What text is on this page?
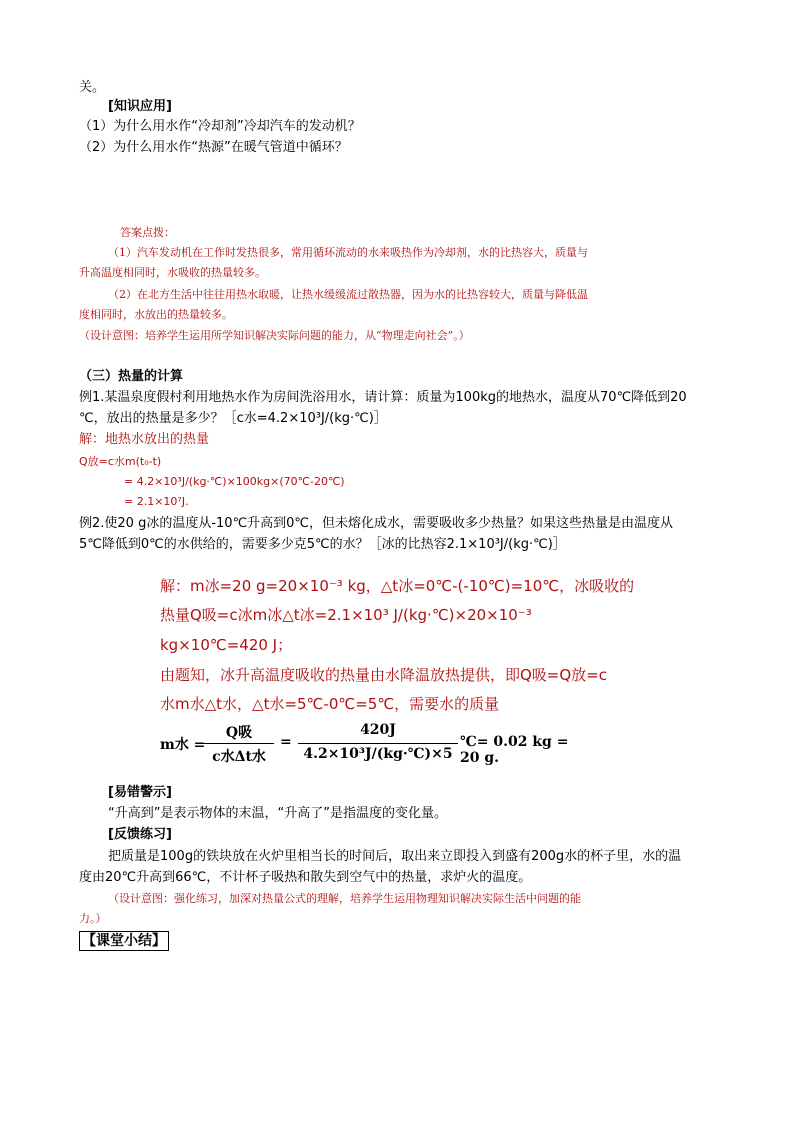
关。
[知识应用]
（1）为什么用水作“冷却剂”冷却汽车的发动机？
（2）为什么用水作“热源”在暖气管道中循环？
答案点拨：
（1）汽车发动机在工作时发热很多，常用循环流动的水来吸热作为冷却剂，水的比热容大，质量与
升高温度相同时，水吸收的热量较多。
（2）在北方生活中往往用热水取暖，让热水缓缓流过散热器，因为水的比热容较大，质量与降低温
度相同时，水放出的热量较多。
（设计意图：培养学生运用所学知识解决实际问题的能力，从“物理走向社会”。）
（三）热量的计算
例1.某温泉度假村利用地热水作为房间洗浴用水，请计算：质量为100kg的地热水，温度从70℃降低到20
℃，放出的热量是多少？［c水=4.2×10³J/(kg·℃)］
解：地热水放出的热量
Q放=c水m(t₀-t)
= 4.2×10³J/(kg·℃)×100kg×(70℃-20℃)
= 2.1×10⁷J.
例2.使20 g冰的温度从-10℃升高到0℃，但未熔化成水，需要吸收多少热量？如果这些热量是由温度从
5℃降低到0℃的水供给的，需要多少克5℃的水？［冰的比热容2.1×10³J/(kg·℃)］
解：m冰=20 g=20×10⁻³ kg，△t冰=0℃-(-10℃)=10℃，冰吸收的
热量Q吸=c冰m冰△t冰=2.1×10³ J/(kg·℃)×20×10⁻³
kg×10℃=420 J；
由题知，冰升高温度吸收的热量由水降温放热提供，即Q吸=Q放=c
水m水△t水，△t水=5℃-0℃=5℃，需要水的质量
m水 =
Q吸
c水Δt水
=
420J
4.2×10³J/(kg·℃)×5
℃= 0.02 kg = 20 g.
[易错警示]
“升高到”是表示物体的末温，“升高了”是指温度的变化量。
[反馈练习]
把质量是100g的铁块放在火炉里相当长的时间后，取出来立即投入到盛有200g水的杯子里，水的温
度由20℃升高到66℃，不计杯子吸热和散失到空气中的热量，求炉火的温度。
（设计意图：强化练习，加深对热量公式的理解，培养学生运用物理知识解决实际生活中问题的能
力。）
【课堂小结】
